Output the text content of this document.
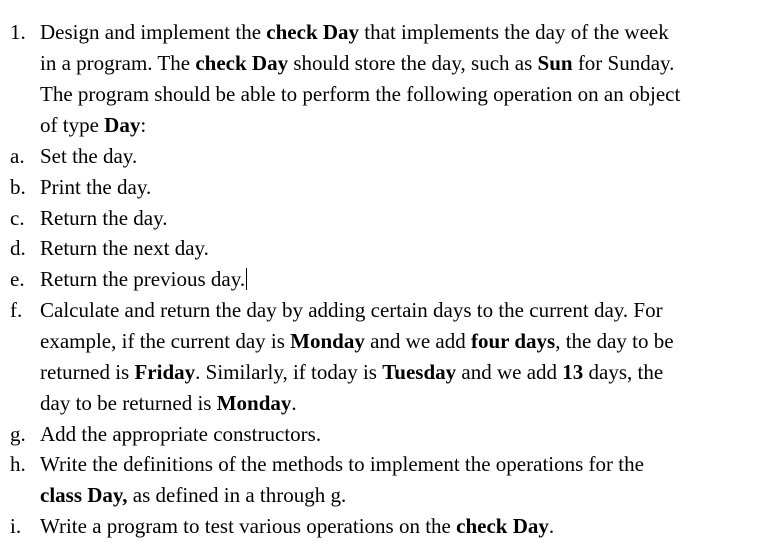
1. Design and implement the check Day that implements the day of the week
in a program. The check Day should store the day, such as Sun for Sunday.
The program should be able to perform the following operation on an object
of type Day:
a. Set the day.
b. Print the day.
c. Return the day.
d. Return the next day.
e. Return the previous day.
f. Calculate and return the day by adding certain days to the current day. For
example, if the current day is Monday and we add four days, the day to be
returned is Friday. Similarly, if today is Tuesday and we add 13 days, the
day to be returned is Monday.
g. Add the appropriate constructors.
h. Write the definitions of the methods to implement the operations for the
class Day, as defined in a through g.
i. Write a program to test various operations on the check Day.
